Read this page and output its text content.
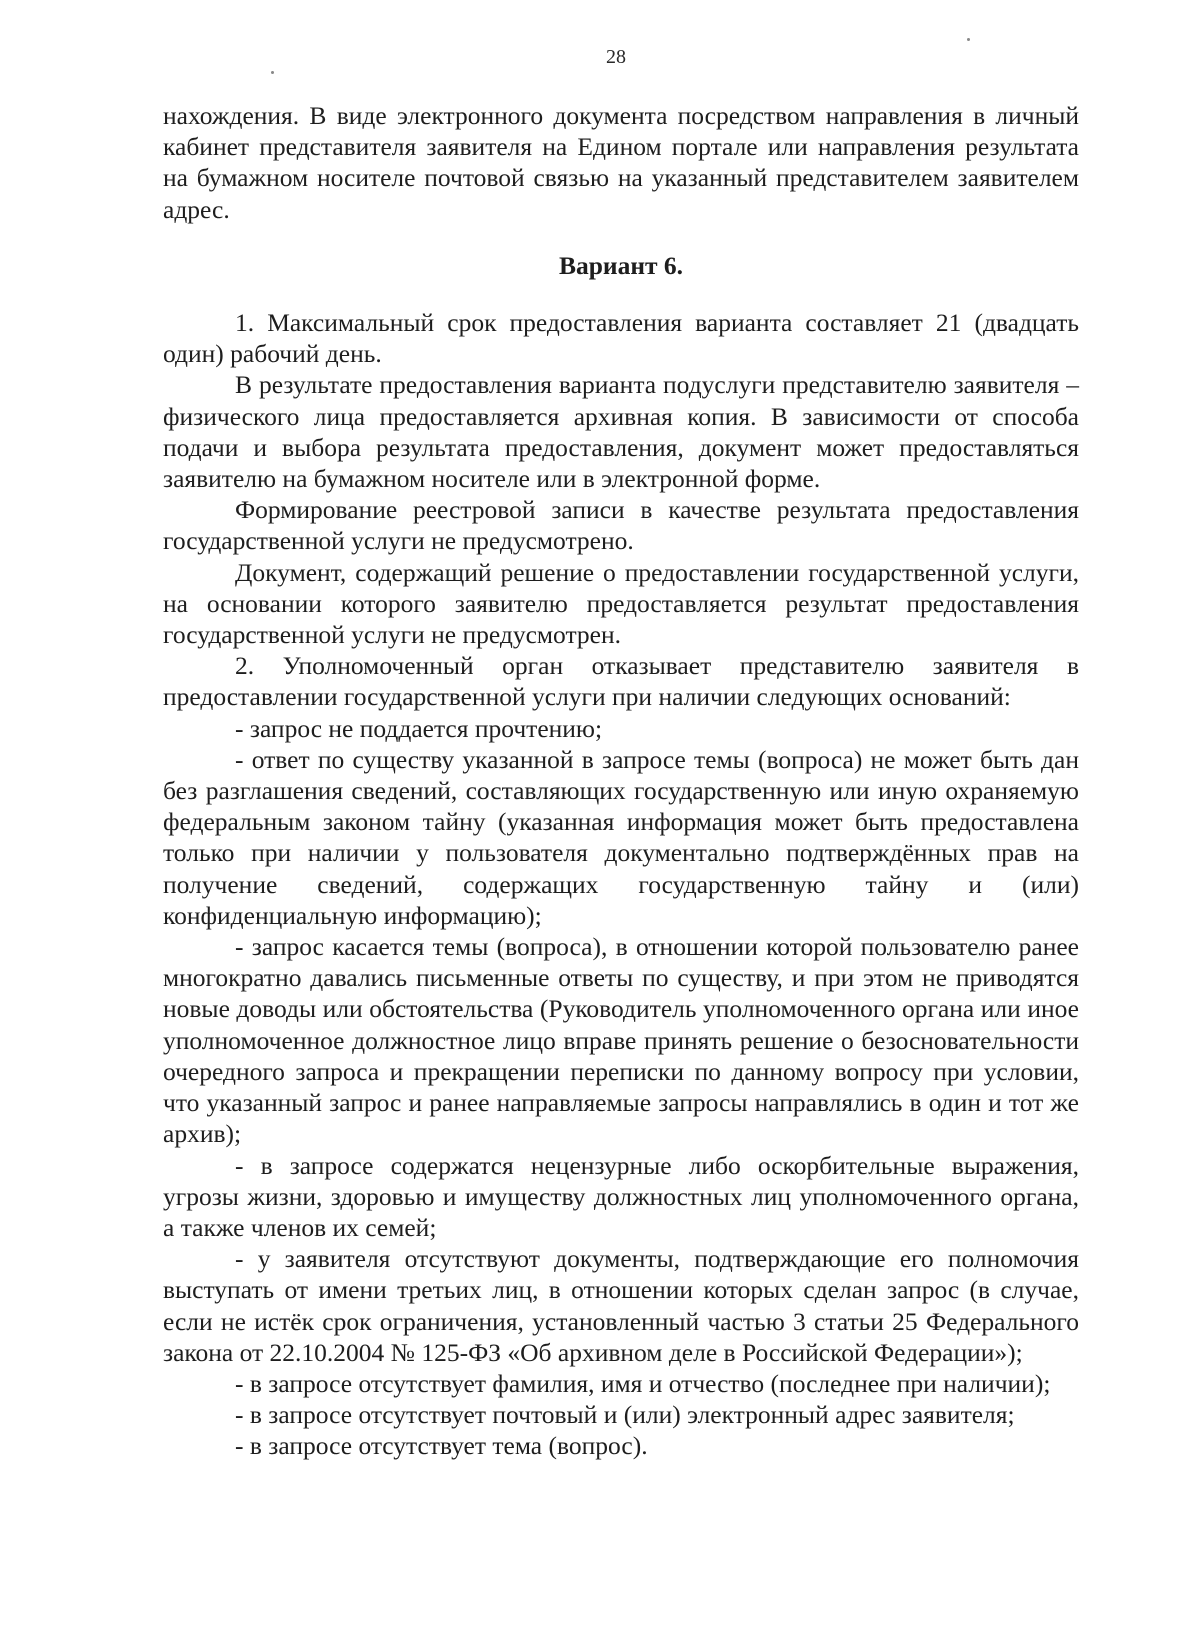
28

нахождения. В виде электронного документа посредством направления в личный кабинет представителя заявителя на Едином портале или направления результата на бумажном носителе почтовой связью на указанный представителем заявителем адрес.

Вариант 6.

1. Максимальный срок предоставления варианта составляет 21 (двадцать один) рабочий день.

В результате предоставления варианта подуслуги представителю заявителя – физического лица предоставляется архивная копия. В зависимости от способа подачи и выбора результата предоставления, документ может предоставляться заявителю на бумажном носителе или в электронной форме.

Формирование реестровой записи в качестве результата предоставления государственной услуги не предусмотрено.

Документ, содержащий решение о предоставлении государственной услуги, на основании которого заявителю предоставляется результат предоставления государственной услуги не предусмотрен.

2. Уполномоченный орган отказывает представителю заявителя в предоставлении государственной услуги при наличии следующих оснований:

- запрос не поддается прочтению;

- ответ по существу указанной в запросе темы (вопроса) не может быть дан без разглашения сведений, составляющих государственную или иную охраняемую федеральным законом тайну (указанная информация может быть предоставлена только при наличии у пользователя документально подтверждённых прав на получение сведений, содержащих государственную тайну и (или) конфиденциальную информацию);

- запрос касается темы (вопроса), в отношении которой пользователю ранее многократно давались письменные ответы по существу, и при этом не приводятся новые доводы или обстоятельства (Руководитель уполномоченного органа или иное уполномоченное должностное лицо вправе принять решение о безосновательности очередного запроса и прекращении переписки по данному вопросу при условии, что указанный запрос и ранее направляемые запросы направлялись в один и тот же архив);

- в запросе содержатся нецензурные либо оскорбительные выражения, угрозы жизни, здоровью и имуществу должностных лиц уполномоченного органа, а также членов их семей;

- у заявителя отсутствуют документы, подтверждающие его полномочия выступать от имени третьих лиц, в отношении которых сделан запрос (в случае, если не истёк срок ограничения, установленный частью 3 статьи 25 Федерального закона от 22.10.2004 № 125-ФЗ «Об архивном деле в Российской Федерации»);

- в запросе отсутствует фамилия, имя и отчество (последнее при наличии);

- в запросе отсутствует почтовый и (или) электронный адрес заявителя;

- в запросе отсутствует тема (вопрос).
